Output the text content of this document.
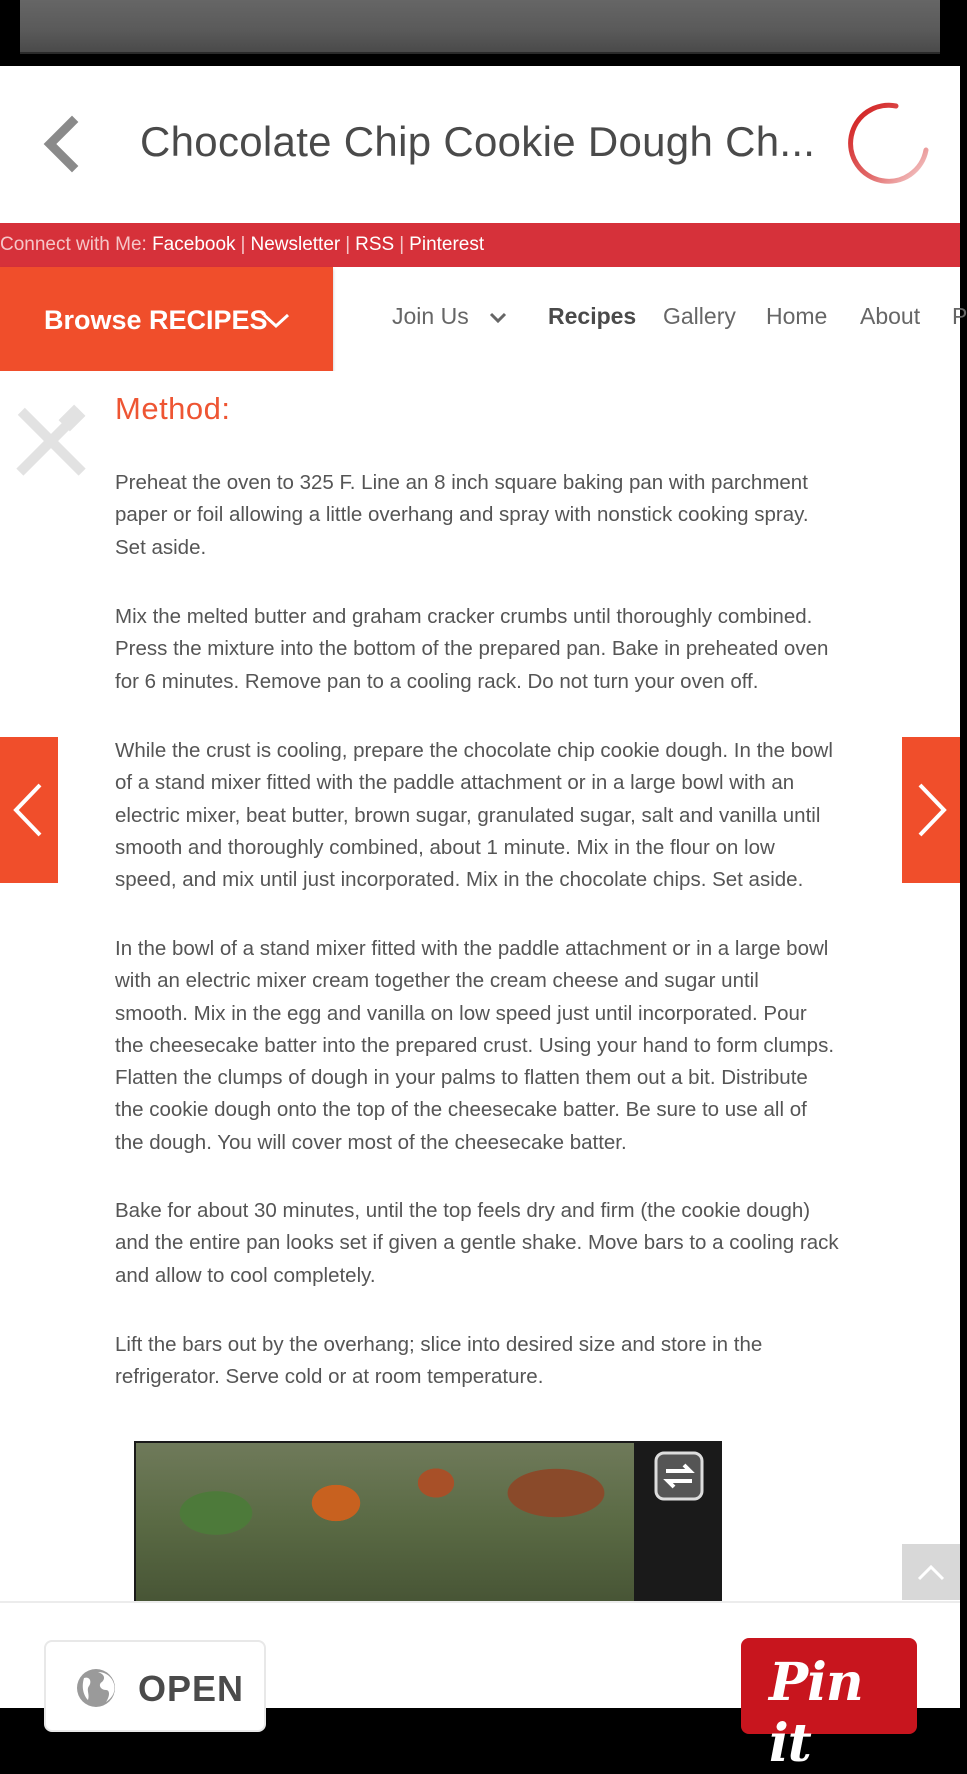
Chocolate Chip Cookie Dough Ch...
Connect with Me: Facebook | Newsletter | RSS | Pinterest
Browse RECIPES	Join Us	Recipes Gallery Home About P
Method:

Preheat the oven to 325 F. Line an 8 inch square baking pan with parchment
paper or foil allowing a little overhang and spray with nonstick cooking spray.
Set aside.

Mix the melted butter and graham cracker crumbs until thoroughly combined.
Press the mixture into the bottom of the prepared pan. Bake in preheated oven
for 6 minutes. Remove pan to a cooling rack. Do not turn your oven off.

While the crust is cooling, prepare the chocolate chip cookie dough. In the bowl
of a stand mixer fitted with the paddle attachment or in a large bowl with an
electric mixer, beat butter, brown sugar, granulated sugar, salt and vanilla until
smooth and thoroughly combined, about 1 minute. Mix in the flour on low
speed, and mix until just incorporated. Mix in the chocolate chips. Set aside.

In the bowl of a stand mixer fitted with the paddle attachment or in a large bowl
with an electric mixer cream together the cream cheese and sugar until
smooth. Mix in the egg and vanilla on low speed just until incorporated. Pour
the cheesecake batter into the prepared crust. Using your hand to form clumps.
Flatten the clumps of dough in your palms to flatten them out a bit. Distribute
the cookie dough onto the top of the cheesecake batter. Be sure to use all of
the dough. You will cover most of the cheesecake batter.

Bake for about 30 minutes, until the top feels dry and firm (the cookie dough)
and the entire pan looks set if given a gentle shake. Move bars to a cooling rack
and allow to cool completely.

Lift the bars out by the overhang; slice into desired size and store in the
refrigerator. Serve cold or at room temperature.

OPEN	Pin it
